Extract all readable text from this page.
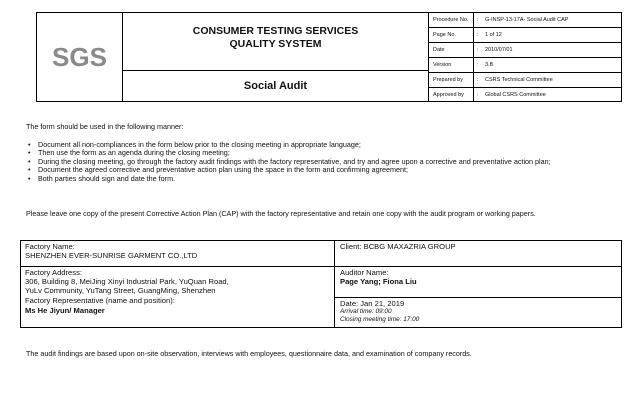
SGS
CONSUMER TESTING SERVICES
QUALITY SYSTEM
Social Audit
Procedure No. : G-INSP-13-17A- Social Audit CAP
Page No.	: 1 of 12
Date	: 2010/07/01
Version	: 3.B
Prepared by	: CSRS Technical Committee
Approved by : Global CSRS Committee
The form should be used in the following manner:
• Document all non-compliances in the form below prior to the closing meeting in appropriate language;
• Then use the form as an agenda during the closing meeting;
• During the closing meeting, go through the factory audit findings with the factory representative, and try and agree upon a corrective and preventative action plan;
• Document the agreed corrective and preventative action plan using the space in the form and confirming agreement;
• Both parties should sign and date the form.
Please leave one copy of the present Corrective Action Plan (CAP) with the factory representative and retain one copy with the audit program or working papers.
Factory Name:
SHENZHEN EVER-SUNRISE GARMENT CO.,LTD
Client: BCBG MAXAZRIA GROUP
Factory Address:
306, Building 8, MeiJing Xinyi Industrial Park, YuQuan Road,
YuLv Community, YuTang Street, GuangMing, Shenzhen
Factory Representative (name and position):
Ms He Jiyun/ Manager
Auditor Name:
Page Yang; Fiona Liu
Date: Jan 21, 2019
Arrival time: 09:00
Closing meeting time: 17:00
The audit findings are based upon on-site observation, interviews with employees, questionnaire data, and examination of company records.
